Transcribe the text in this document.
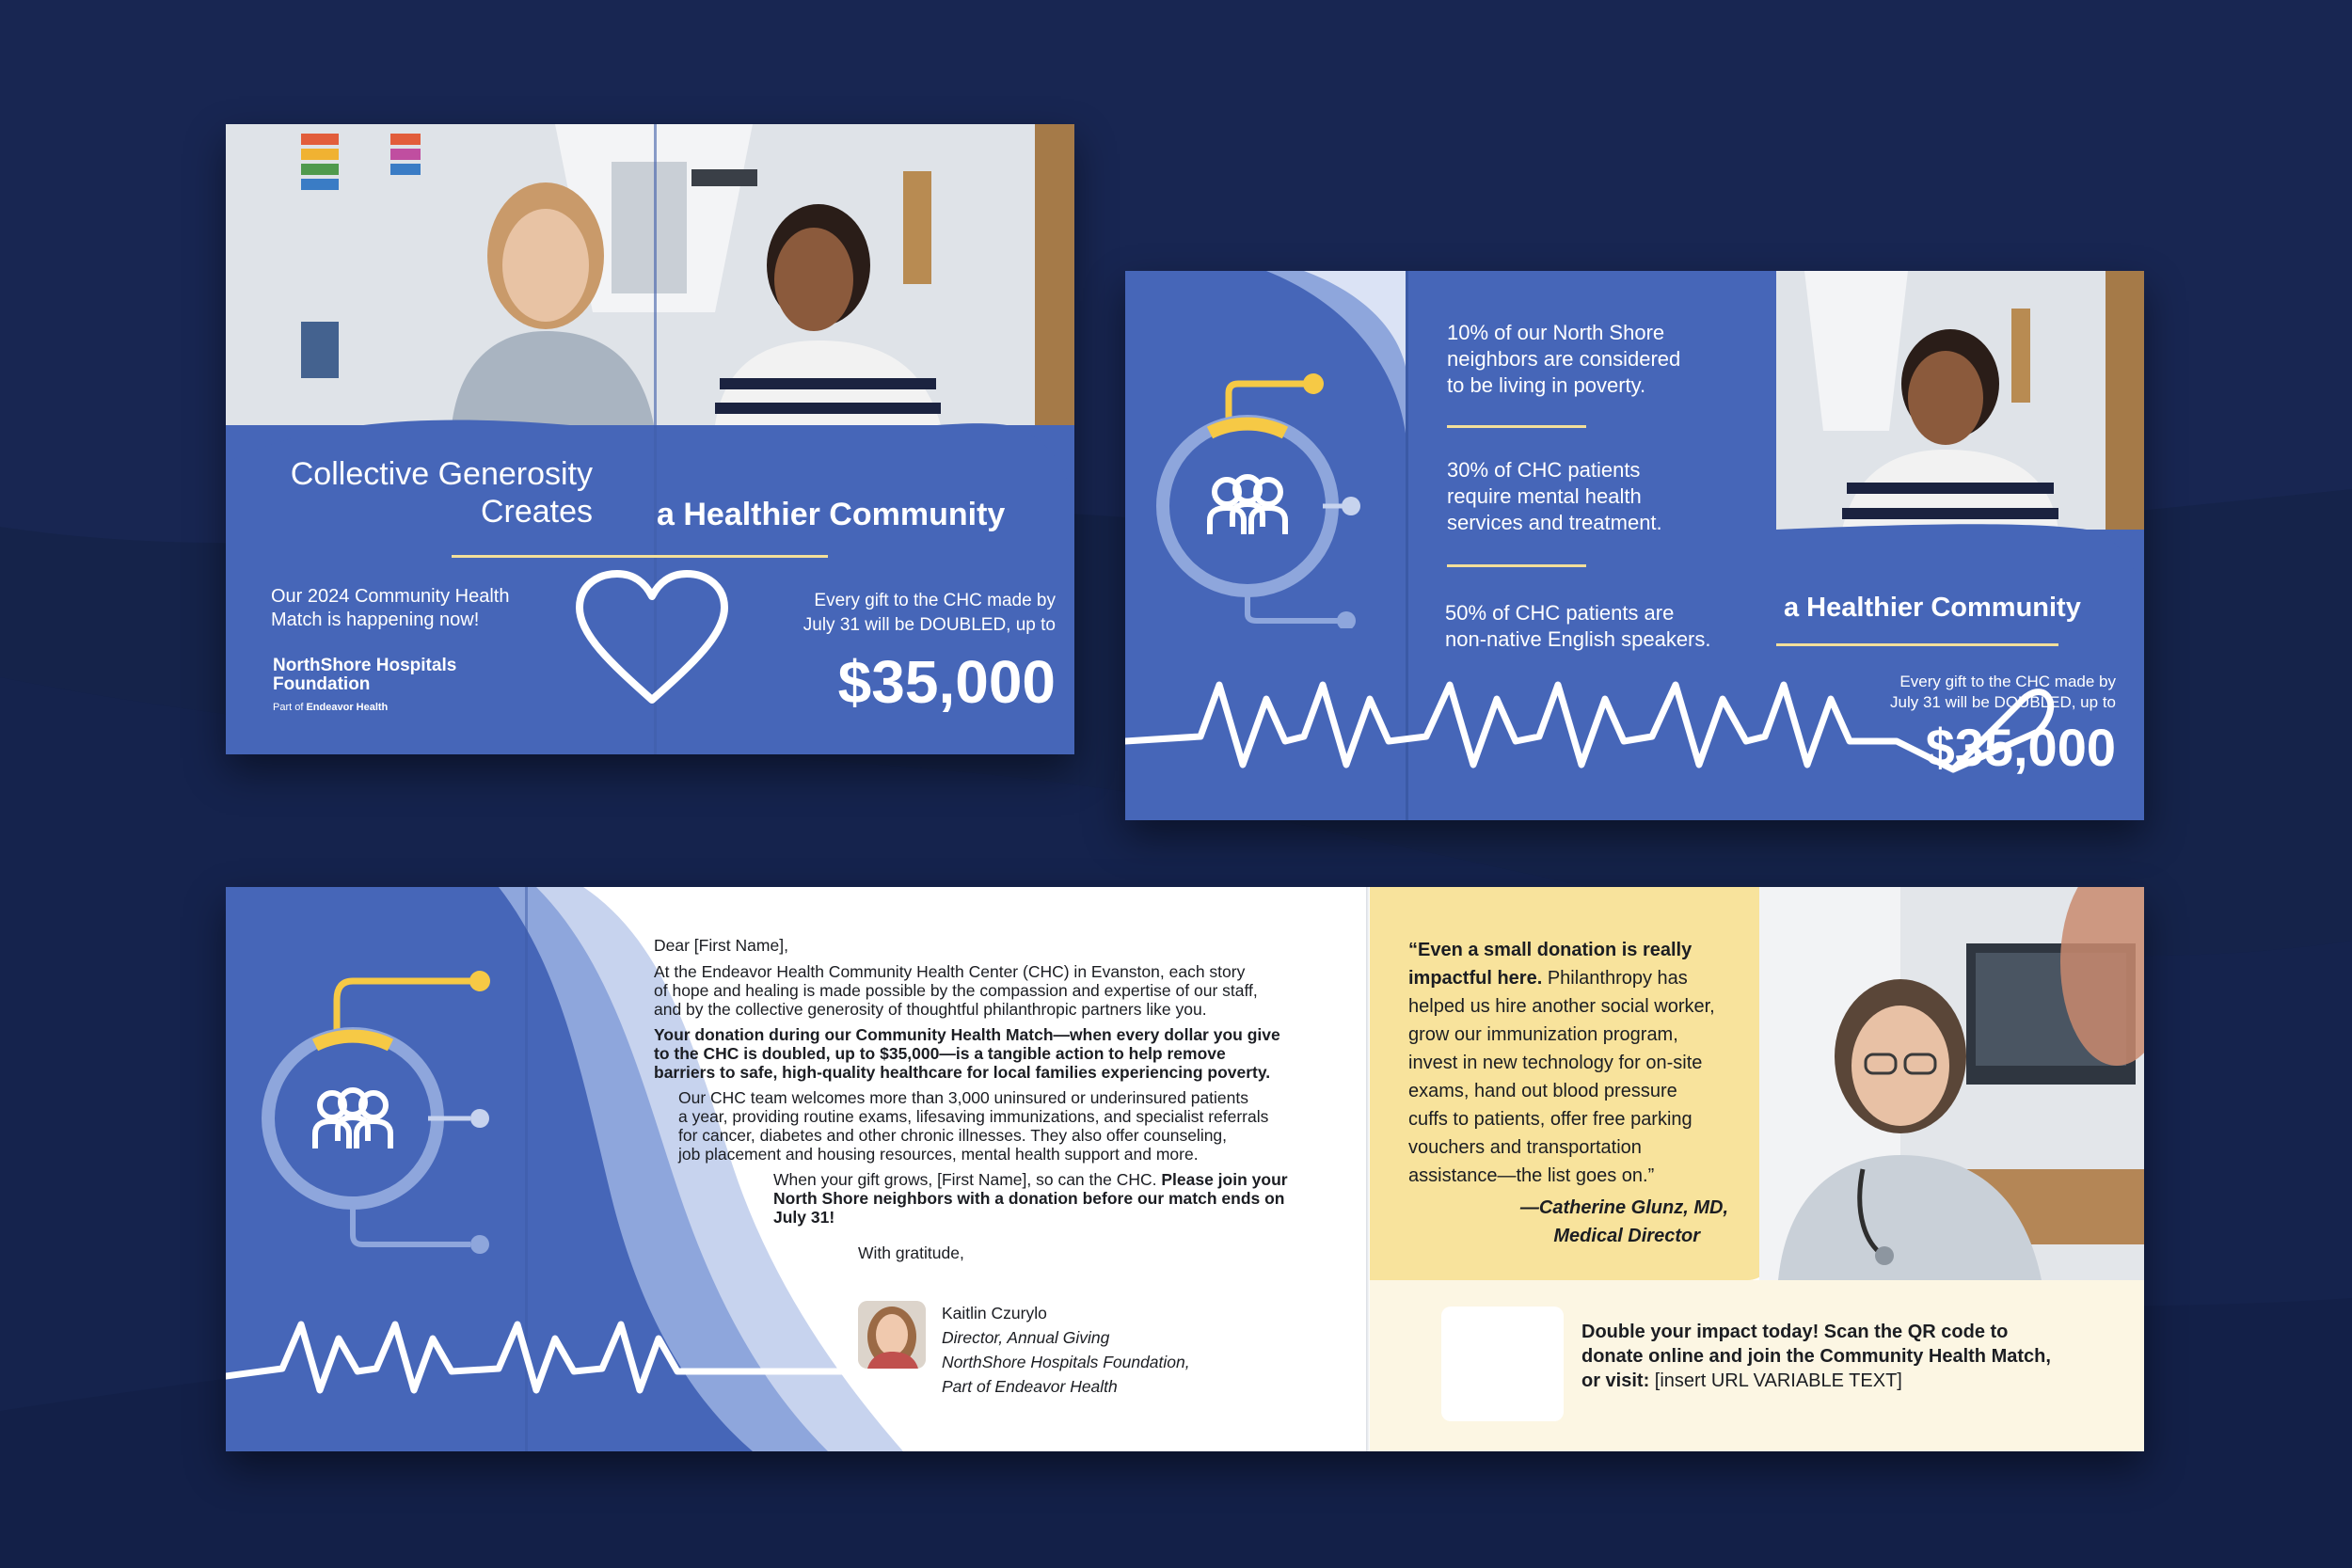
Collective Generosity
Creates a Healthier Community
Our 2024 Community Health
Match is happening now!
NorthShore Hospitals
Foundation
Part of Endeavor Health
Every gift to the CHC made by
July 31 will be DOUBLED, up to
$35,000
10% of our North Shore
neighbors are considered
to be living in poverty.
30% of CHC patients
require mental health
services and treatment.
50% of CHC patients are
non-native English speakers.
a Healthier Community
Every gift to the CHC made by
July 31 will be DOUBLED, up to
$35,000
Dear [First Name],
At the Endeavor Health Community Health Center (CHC) in Evanston, each story
of hope and healing is made possible by the compassion and expertise of our staff,
and by the collective generosity of thoughtful philanthropic partners like you.
Your donation during our Community Health Match—when every dollar you give
to the CHC is doubled, up to $35,000—is a tangible action to help remove
barriers to safe, high-quality healthcare for local families experiencing poverty.
Our CHC team welcomes more than 3,000 uninsured or underinsured patients
a year, providing routine exams, lifesaving immunizations, and specialist referrals
for cancer, diabetes and other chronic illnesses. They also offer counseling,
job placement and housing resources, mental health support and more.
When your gift grows, [First Name], so can the CHC. Please join your
North Shore neighbors with a donation before our match ends on
July 31!
With gratitude,
Kaitlin Czurylo
Director, Annual Giving
NorthShore Hospitals Foundation,
Part of Endeavor Health
“Even a small donation is really
impactful here. Philanthropy has
helped us hire another social worker,
grow our immunization program,
invest in new technology for on-site
exams, hand out blood pressure
cuffs to patients, offer free parking
vouchers and transportation
assistance—the list goes on.”
—Catherine Glunz, MD,
Medical Director
Double your impact today! Scan the QR code to
donate online and join the Community Health Match,
or visit: [insert URL VARIABLE TEXT]
